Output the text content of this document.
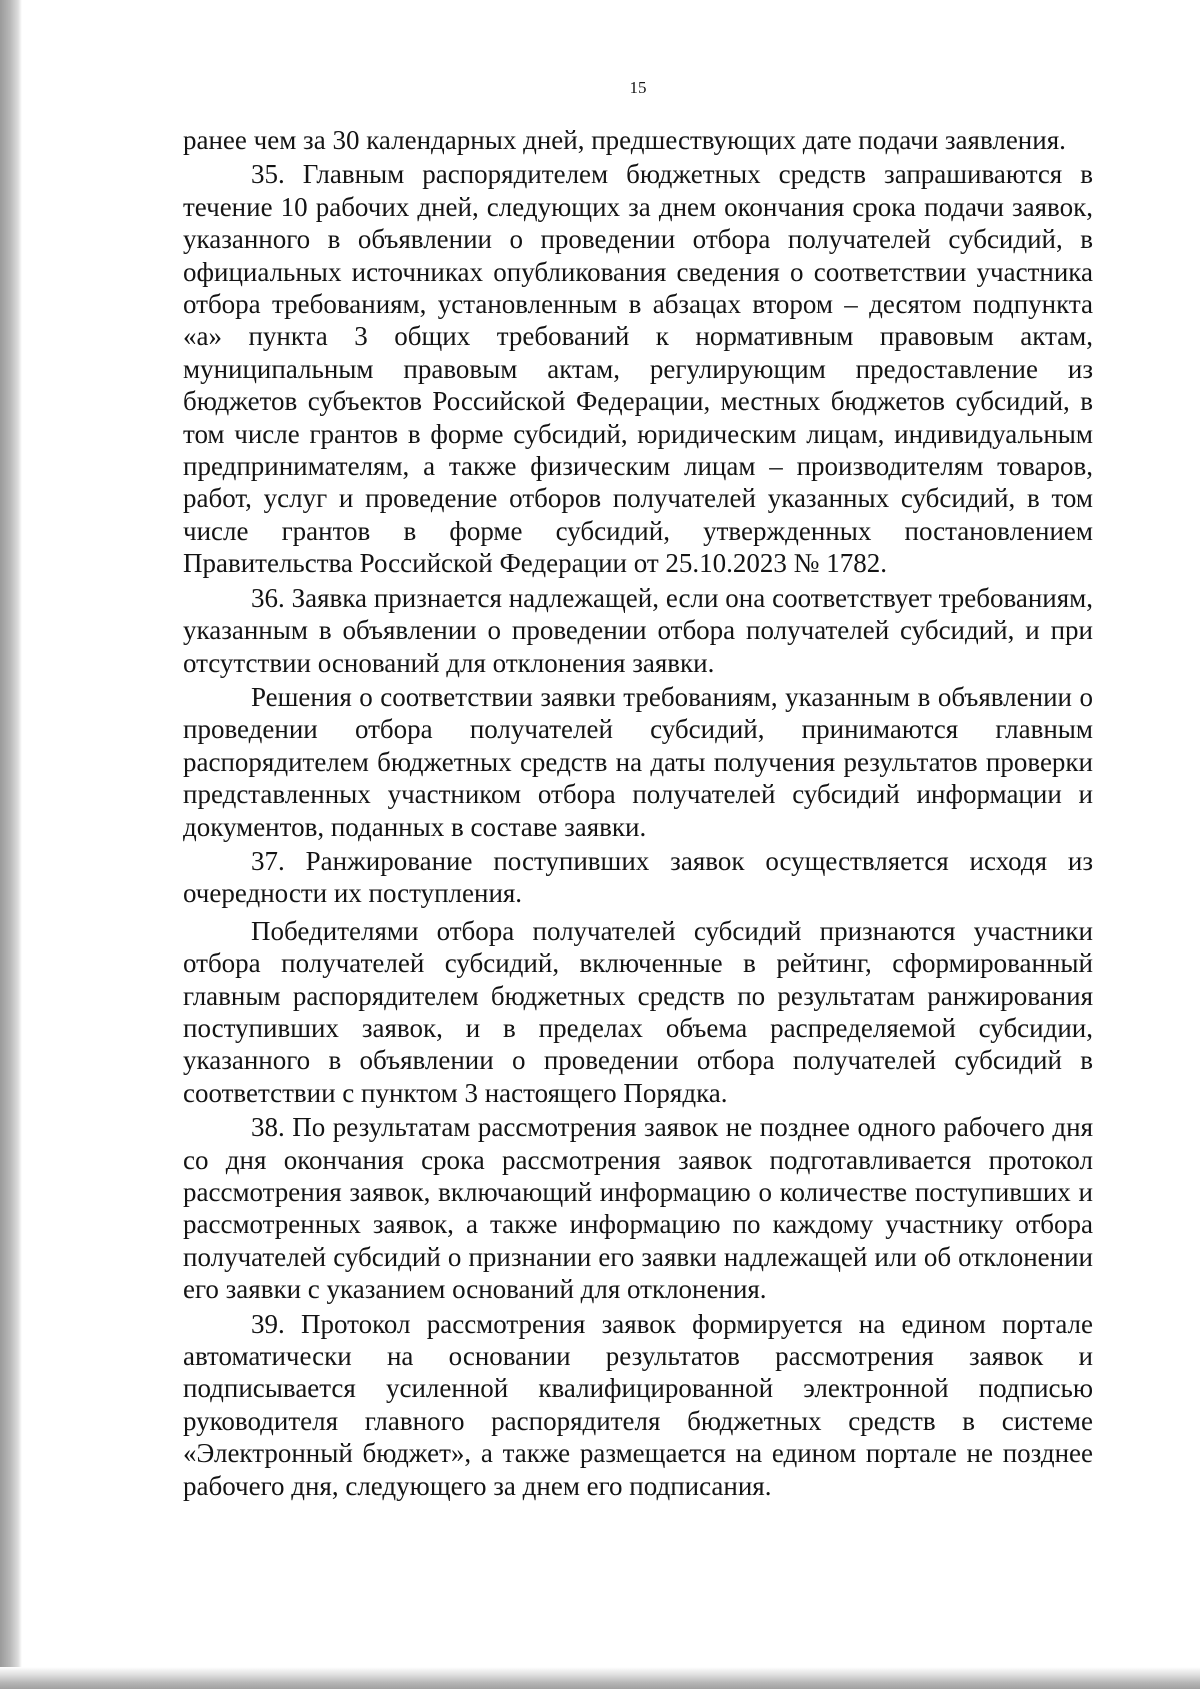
15

ранее чем за 30 календарных дней, предшествующих дате подачи заявления.

35. Главным распорядителем бюджетных средств запрашиваются в течение 10 рабочих дней, следующих за днем окончания срока подачи заявок, указанного в объявлении о проведении отбора получателей субсидий, в официальных источниках опубликования сведения о соответствии участника отбора требованиям, установленным в абзацах втором – десятом подпункта «а» пункта 3 общих требований к нормативным правовым актам, муниципальным правовым актам, регулирующим предоставление из бюджетов субъектов Российской Федерации, местных бюджетов субсидий, в том числе грантов в форме субсидий, юридическим лицам, индивидуальным предпринимателям, а также физическим лицам – производителям товаров, работ, услуг и проведение отборов получателей указанных субсидий, в том числе грантов в форме субсидий, утвержденных постановлением Правительства Российской Федерации от 25.10.2023 № 1782.

36. Заявка признается надлежащей, если она соответствует требованиям, указанным в объявлении о проведении отбора получателей субсидий, и при отсутствии оснований для отклонения заявки.

Решения о соответствии заявки требованиям, указанным в объявлении о проведении отбора получателей субсидий, принимаются главным распорядителем бюджетных средств на даты получения результатов проверки представленных участником отбора получателей субсидий информации и документов, поданных в составе заявки.

37. Ранжирование поступивших заявок осуществляется исходя из очередности их поступления.

Победителями отбора получателей субсидий признаются участники отбора получателей субсидий, включенные в рейтинг, сформированный главным распорядителем бюджетных средств по результатам ранжирования поступивших заявок, и в пределах объема распределяемой субсидии, указанного в объявлении о проведении отбора получателей субсидий в соответствии с пунктом 3 настоящего Порядка.

38. По результатам рассмотрения заявок не позднее одного рабочего дня со дня окончания срока рассмотрения заявок подготавливается протокол рассмотрения заявок, включающий информацию о количестве поступивших и рассмотренных заявок, а также информацию по каждому участнику отбора получателей субсидий о признании его заявки надлежащей или об отклонении его заявки с указанием оснований для отклонения.

39. Протокол рассмотрения заявок формируется на едином портале автоматически на основании результатов рассмотрения заявок и подписывается усиленной квалифицированной электронной подписью руководителя главного распорядителя бюджетных средств в системе «Электронный бюджет», а также размещается на едином портале не позднее рабочего дня, следующего за днем его подписания.
